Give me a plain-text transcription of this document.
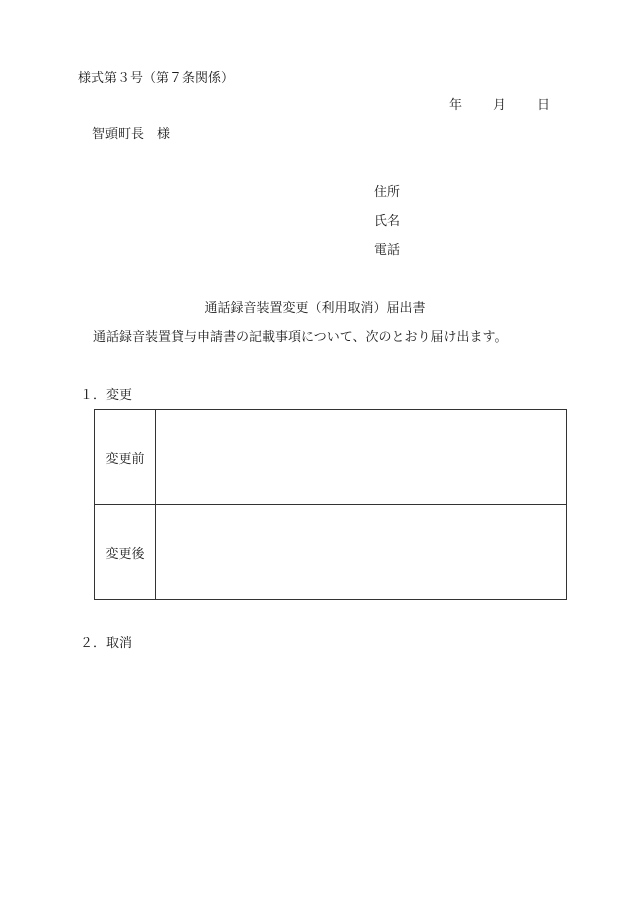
様式第３号（第７条関係）
年 月 日
智頭町長　様
住所
氏名
電話
通話録音装置変更（利用取消）届出書
通話録音装置貸与申請書の記載事項について、次のとおり届け出ます。
１．変更
変更前	
変更後	
２．取消
